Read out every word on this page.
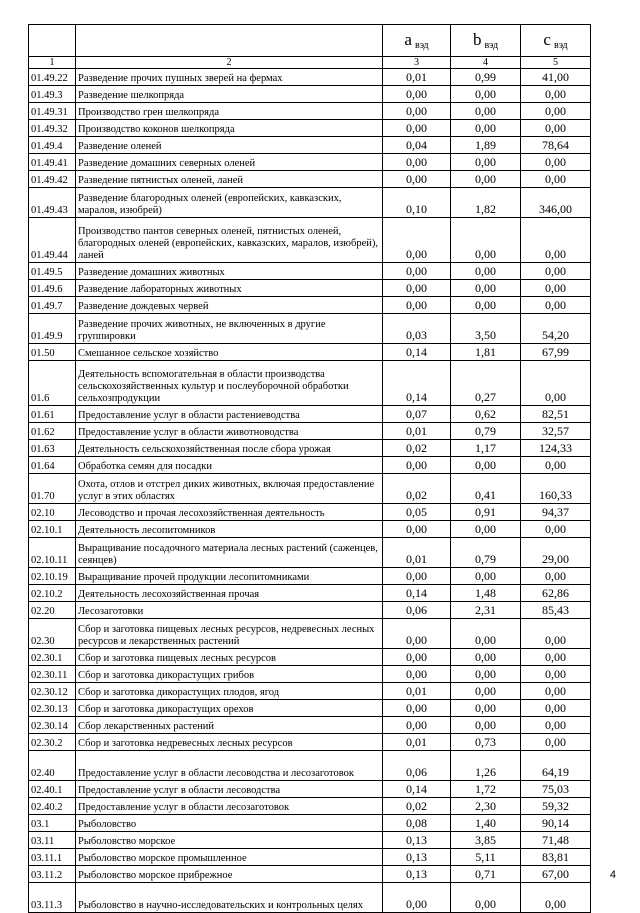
		a $_{вэд}$	b $_{вэд}$	c $_{вэд}$
1	2	3	4	5
01.49.22	Разведение прочих пушных зверей на фермах	0,01	0,99	41,00
01.49.3	Разведение шелкопряда	0,00	0,00	0,00
01.49.31	Производство грен шелкопряда	0,00	0,00	0,00
01.49.32	Производство коконов шелкопряда	0,00	0,00	0,00
01.49.4	Разведение оленей	0,04	1,89	78,64
01.49.41	Разведение домашних северных оленей	0,00	0,00	0,00
01.49.42	Разведение пятнистых оленей, ланей	0,00	0,00	0,00
01.49.43	Разведение благородных оленей (европейских, кавказских, маралов, изюбрей)	0,10	1,82	346,00
01.49.44	Производство пантов северных оленей, пятнистых оленей, благородных оленей (европейских, кавказских, маралов, изюбрей), ланей	0,00	0,00	0,00
01.49.5	Разведение домашних животных	0,00	0,00	0,00
01.49.6	Разведение лабораторных животных	0,00	0,00	0,00
01.49.7	Разведение дождевых червей	0,00	0,00	0,00
01.49.9	Разведение прочих животных, не включенных в другие группировки	0,03	3,50	54,20
01.50	Смешанное сельское хозяйство	0,14	1,81	67,99
01.6	Деятельность вспомогательная в области производства сельскохозяйственных культур и послеуборочной обработки сельхозпродукции	0,14	0,27	0,00
01.61	Предоставление услуг в области растениеводства	0,07	0,62	82,51
01.62	Предоставление услуг в области животноводства	0,01	0,79	32,57
01.63	Деятельность сельскохозяйственная после сбора урожая	0,02	1,17	124,33
01.64	Обработка семян для посадки	0,00	0,00	0,00
01.70	Охота, отлов и отстрел диких животных, включая предоставление услуг в этих областях	0,02	0,41	160,33
02.10	Лесоводство и прочая лесохозяйственная деятельность	0,05	0,91	94,37
02.10.1	Деятельность лесопитомников	0,00	0,00	0,00
02.10.11	Выращивание посадочного материала лесных растений (саженцев, сеянцев)	0,01	0,79	29,00
02.10.19	Выращивание прочей продукции лесопитомниками	0,00	0,00	0,00
02.10.2	Деятельность лесохозяйственная прочая	0,14	1,48	62,86
02.20	Лесозаготовки	0,06	2,31	85,43
02.30	Сбор и заготовка пищевых лесных ресурсов, недревесных лесных ресурсов и лекарственных растений	0,00	0,00	0,00
02.30.1	Сбор и заготовка пищевых лесных ресурсов	0,00	0,00	0,00
02.30.11	Сбор и заготовка дикорастущих грибов	0,00	0,00	0,00
02.30.12	Сбор и заготовка дикорастущих плодов, ягод	0,01	0,00	0,00
02.30.13	Сбор и заготовка дикорастущих орехов	0,00	0,00	0,00
02.30.14	Сбор лекарственных растений	0,00	0,00	0,00
02.30.2	Сбор и заготовка недревесных лесных ресурсов	0,01	0,73	0,00
02.40	Предоставление услуг в области лесоводства и лесозаготовок	0,06	1,26	64,19
02.40.1	Предоставление услуг в области лесоводства	0,14	1,72	75,03
02.40.2	Предоставление услуг в области лесозаготовок	0,02	2,30	59,32
03.1	Рыболовство	0,08	1,40	90,14
03.11	Рыболовство морское	0,13	3,85	71,48
03.11.1	Рыболовство морское промышленное	0,13	5,11	83,81
03.11.2	Рыболовство морское прибрежное	0,13	0,71	67,00
03.11.3	Рыболовство в научно-исследовательских и контрольных целях	0,00	0,00	0,00
4
